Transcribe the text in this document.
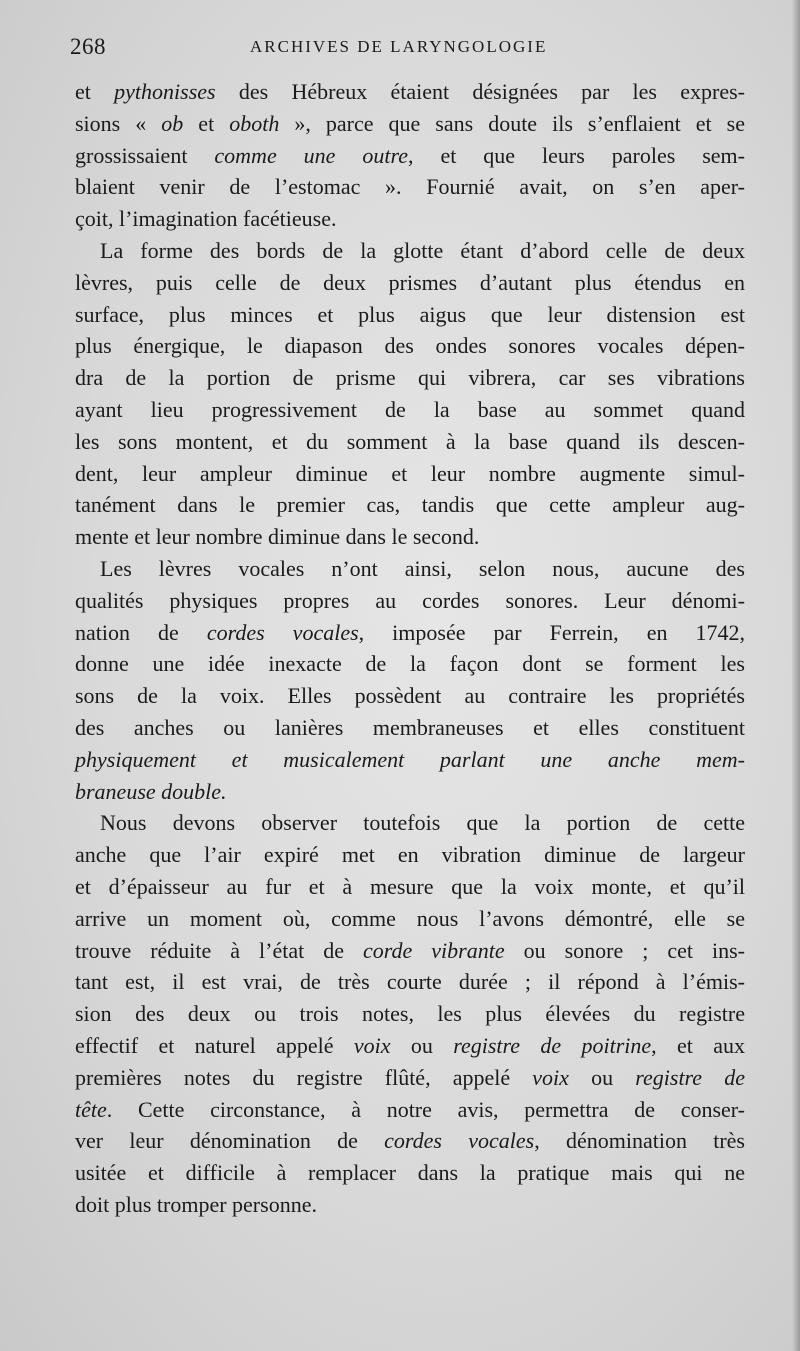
268	ARCHIVES DE LARYNGOLOGIE
et pythonisses des Hébreux étaient désignées par les expres-
sions « ob et oboth », parce que sans doute ils s’enflaient et se
grossissaient comme une outre, et que leurs paroles sem-
blaient venir de l’estomac ». Fournié avait, on s’en aper-
çoit, l’imagination facétieuse.
La forme des bords de la glotte étant d’abord celle de deux
lèvres, puis celle de deux prismes d’autant plus étendus en
surface, plus minces et plus aigus que leur distension est
plus énergique, le diapason des ondes sonores vocales dépen-
dra de la portion de prisme qui vibrera, car ses vibrations
ayant lieu progressivement de la base au sommet quand
les sons montent, et du somment à la base quand ils descen-
dent, leur ampleur diminue et leur nombre augmente simul-
tanément dans le premier cas, tandis que cette ampleur aug-
mente et leur nombre diminue dans le second.
Les lèvres vocales n’ont ainsi, selon nous, aucune des
qualités physiques propres au cordes sonores. Leur dénomi-
nation de cordes vocales, imposée par Ferrein, en 1742,
donne une idée inexacte de la façon dont se forment les
sons de la voix. Elles possèdent au contraire les propriétés
des anches ou lanières membraneuses et elles constituent
physiquement et musicalement parlant une anche mem-
braneuse double.
Nous devons observer toutefois que la portion de cette
anche que l’air expiré met en vibration diminue de largeur
et d’épaisseur au fur et à mesure que la voix monte, et qu’il
arrive un moment où, comme nous l’avons démontré, elle se
trouve réduite à l’état de corde vibrante ou sonore ; cet ins-
tant est, il est vrai, de très courte durée ; il répond à l’émis-
sion des deux ou trois notes, les plus élevées du registre
effectif et naturel appelé voix ou registre de poitrine, et aux
premières notes du registre flûté, appelé voix ou registre de
tête. Cette circonstance, à notre avis, permettra de conser-
ver leur dénomination de cordes vocales, dénomination très
usitée et difficile à remplacer dans la pratique mais qui ne
doit plus tromper personne.
